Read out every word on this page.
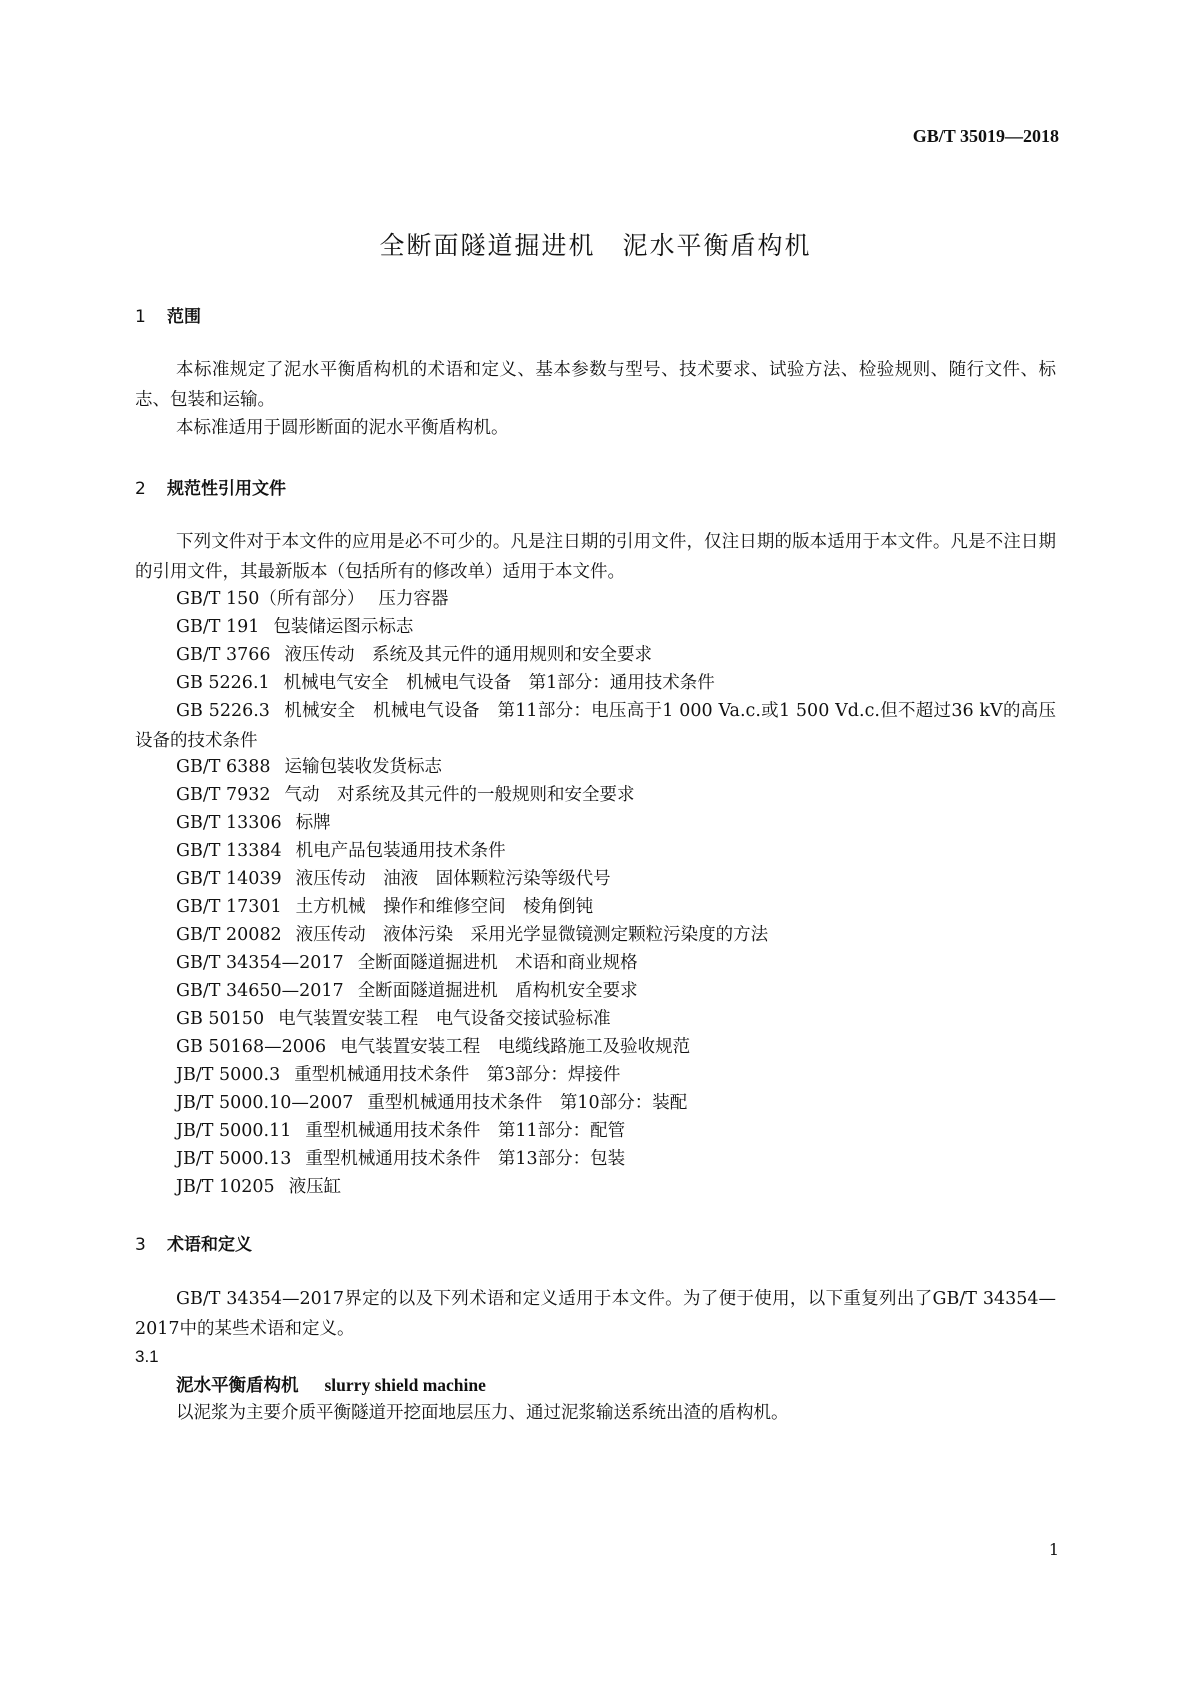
GB/T 35019—2018
全断面隧道掘进机　泥水平衡盾构机
1 范围
本标准规定了泥水平衡盾构机的术语和定义、基本参数与型号、技术要求、试验方法、检验规则、随行文件、标志、包装和运输。
本标准适用于圆形断面的泥水平衡盾构机。
2 规范性引用文件
下列文件对于本文件的应用是必不可少的。凡是注日期的引用文件，仅注日期的版本适用于本文件。凡是不注日期的引用文件，其最新版本（包括所有的修改单）适用于本文件。
GB/T 150（所有部分） 压力容器
GB/T 191 包装储运图示标志
GB/T 3766 液压传动　系统及其元件的通用规则和安全要求
GB 5226.1 机械电气安全　机械电气设备　第1部分：通用技术条件
GB 5226.3 机械安全　机械电气设备　第11部分：电压高于1 000 Va.c.或1 500 Vd.c.但不超过36 kV的高压设备的技术条件
GB/T 6388 运输包装收发货标志
GB/T 7932 气动　对系统及其元件的一般规则和安全要求
GB/T 13306 标牌
GB/T 13384 机电产品包装通用技术条件
GB/T 14039 液压传动　油液　固体颗粒污染等级代号
GB/T 17301 土方机械　操作和维修空间　棱角倒钝
GB/T 20082 液压传动　液体污染　采用光学显微镜测定颗粒污染度的方法
GB/T 34354—2017 全断面隧道掘进机　术语和商业规格
GB/T 34650—2017 全断面隧道掘进机　盾构机安全要求
GB 50150 电气装置安装工程　电气设备交接试验标准
GB 50168—2006 电气装置安装工程　电缆线路施工及验收规范
JB/T 5000.3 重型机械通用技术条件　第3部分：焊接件
JB/T 5000.10—2007 重型机械通用技术条件　第10部分：装配
JB/T 5000.11 重型机械通用技术条件　第11部分：配管
JB/T 5000.13 重型机械通用技术条件　第13部分：包装
JB/T 10205 液压缸
3 术语和定义
GB/T 34354—2017界定的以及下列术语和定义适用于本文件。为了便于使用，以下重复列出了GB/T 34354—2017中的某些术语和定义。
3.1
泥水平衡盾构机 slurry shield machine
以泥浆为主要介质平衡隧道开挖面地层压力、通过泥浆输送系统出渣的盾构机。
1
